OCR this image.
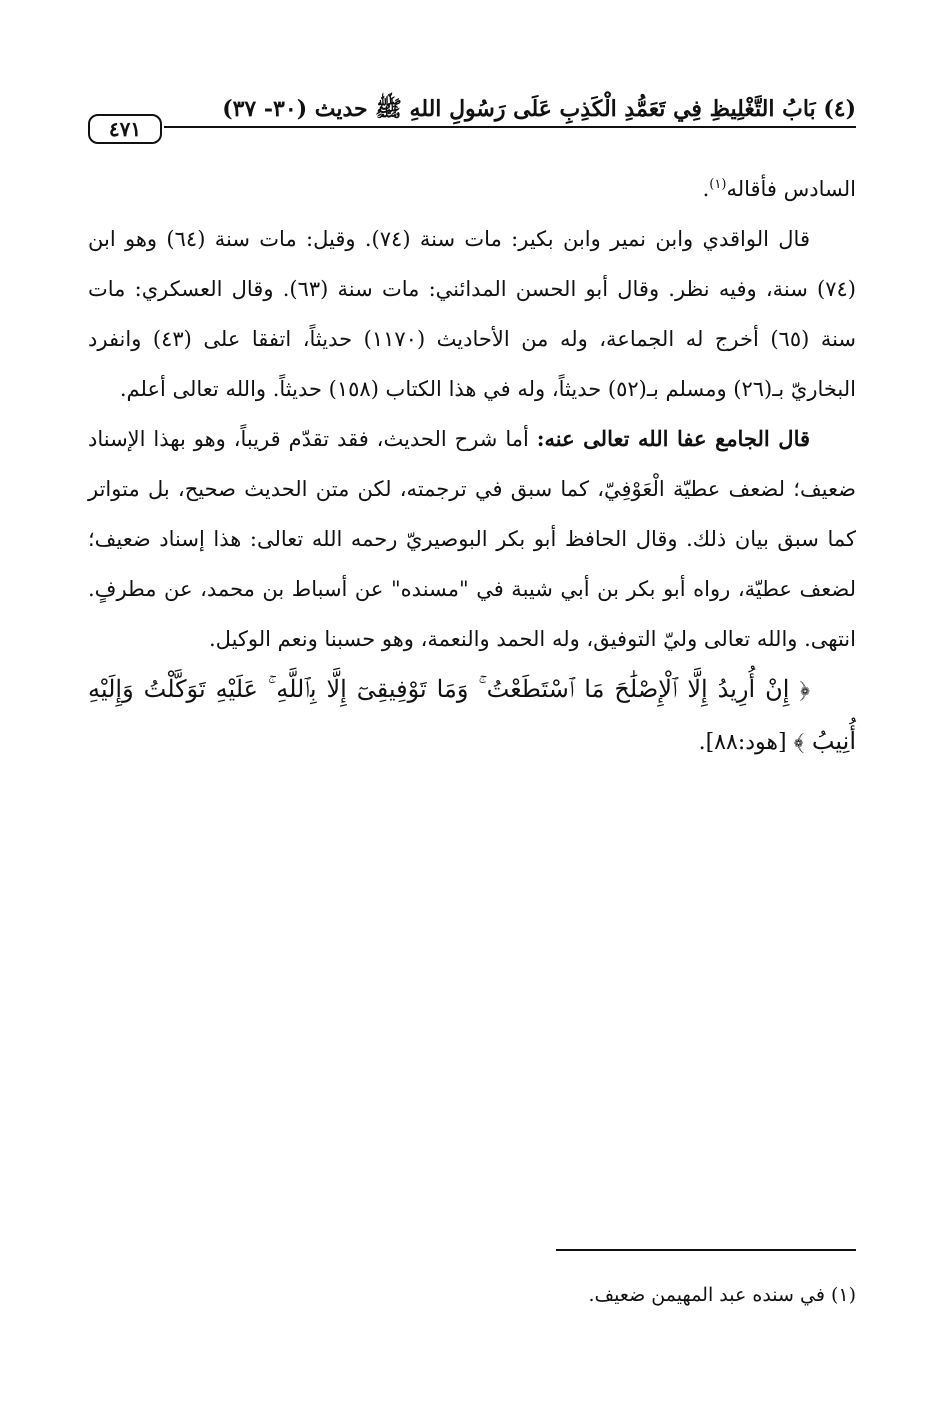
(٤) بَابُ التَّغْلِيظِ فِي تَعَمُّدِ الْكَذِبِ عَلَى رَسُولِ اللهِ ﷺ حديث (٣٠- ٣٧)
٤٧١

السادس فأقاله$^{(١)}$.

قال الواقدي وابن نمير وابن بكير: مات سنة (٧٤). وقيل: مات سنة (٦٤) وهو ابن (٧٤) سنة، وفيه نظر. وقال أبو الحسن المدائني: مات سنة (٦٣). وقال العسكري: مات سنة (٦٥) أخرج له الجماعة، وله من الأحاديث (١١٧٠) حديثاً، اتفقا على (٤٣) وانفرد البخاريّ بـ(٢٦) ومسلم بـ(٥٢) حديثاً، وله في هذا الكتاب (١٥٨) حديثاً. والله تعالى أعلم.

قال الجامع عفا الله تعالى عنه: أما شرح الحديث، فقد تقدّم قريباً، وهو بهذا الإسناد ضعيف؛ لضعف عطيّة الْعَوْفِيّ، كما سبق في ترجمته، لكن متن الحديث صحيح، بل متواتر كما سبق بيان ذلك. وقال الحافظ أبو بكر البوصيريّ رحمه الله تعالى: هذا إسناد ضعيف؛ لضعف عطيّة، رواه أبو بكر بن أبي شيبة في "مسنده" عن أسباط بن محمد، عن مطرفٍ. انتهى. والله تعالى وليّ التوفيق، وله الحمد والنعمة، وهو حسبنا ونعم الوكيل.

﴿ إِنْ أُرِيدُ إِلَّا ٱلْإِصْلَٰحَ مَا ٱسْتَطَعْتُ ۚ وَمَا تَوْفِيقِىٓ إِلَّا بِٱللَّهِ ۚ عَلَيْهِ تَوَكَّلْتُ وَإِلَيْهِ أُنِيبُ ﴾ [هود:٨٨].

(١) في سنده عبد المهيمن ضعيف.
